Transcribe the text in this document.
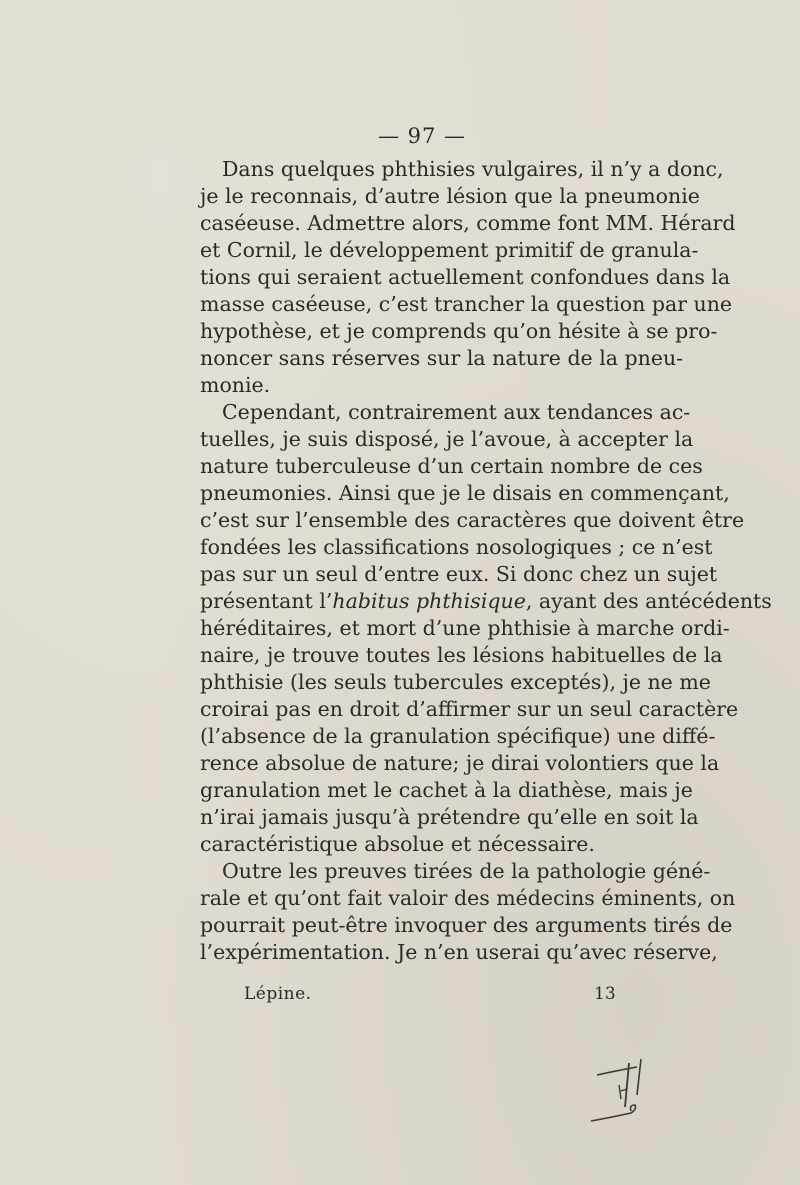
— 97 —
Dans quelques phthisies vulgaires, il n’y a donc,
je le reconnais, d’autre lésion que la pneumonie
caséeuse. Admettre alors, comme font MM. Hérard
et Cornil, le développement primitif de granula-
tions qui seraient actuellement confondues dans la
masse caséeuse, c’est trancher la question par une
hypothèse, et je comprends qu’on hésite à se pro-
noncer sans réserves sur la nature de la pneu-
monie.
Cependant, contrairement aux tendances ac-
tuelles, je suis disposé, je l’avoue, à accepter la
nature tuberculeuse d’un certain nombre de ces
pneumonies. Ainsi que je le disais en commençant,
c’est sur l’ensemble des caractères que doivent être
fondées les classifications nosologiques ; ce n’est
pas sur un seul d’entre eux. Si donc chez un sujet
présentant l’habitus phthisique, ayant des antécédents
héréditaires, et mort d’une phthisie à marche ordi-
naire, je trouve toutes les lésions habituelles de la
phthisie (les seuls tubercules exceptés), je ne me
croirai pas en droit d’affirmer sur un seul caractère
(l’absence de la granulation spécifique) une diffé-
rence absolue de nature; je dirai volontiers que la
granulation met le cachet à la diathèse, mais je
n’irai jamais jusqu’à prétendre qu’elle en soit la
caractéristique absolue et nécessaire.
Outre les preuves tirées de la pathologie géné-
rale et qu’ont fait valoir des médecins éminents, on
pourrait peut-être invoquer des arguments tirés de
l’expérimentation. Je n’en userai qu’avec réserve,
Lépine.	13
